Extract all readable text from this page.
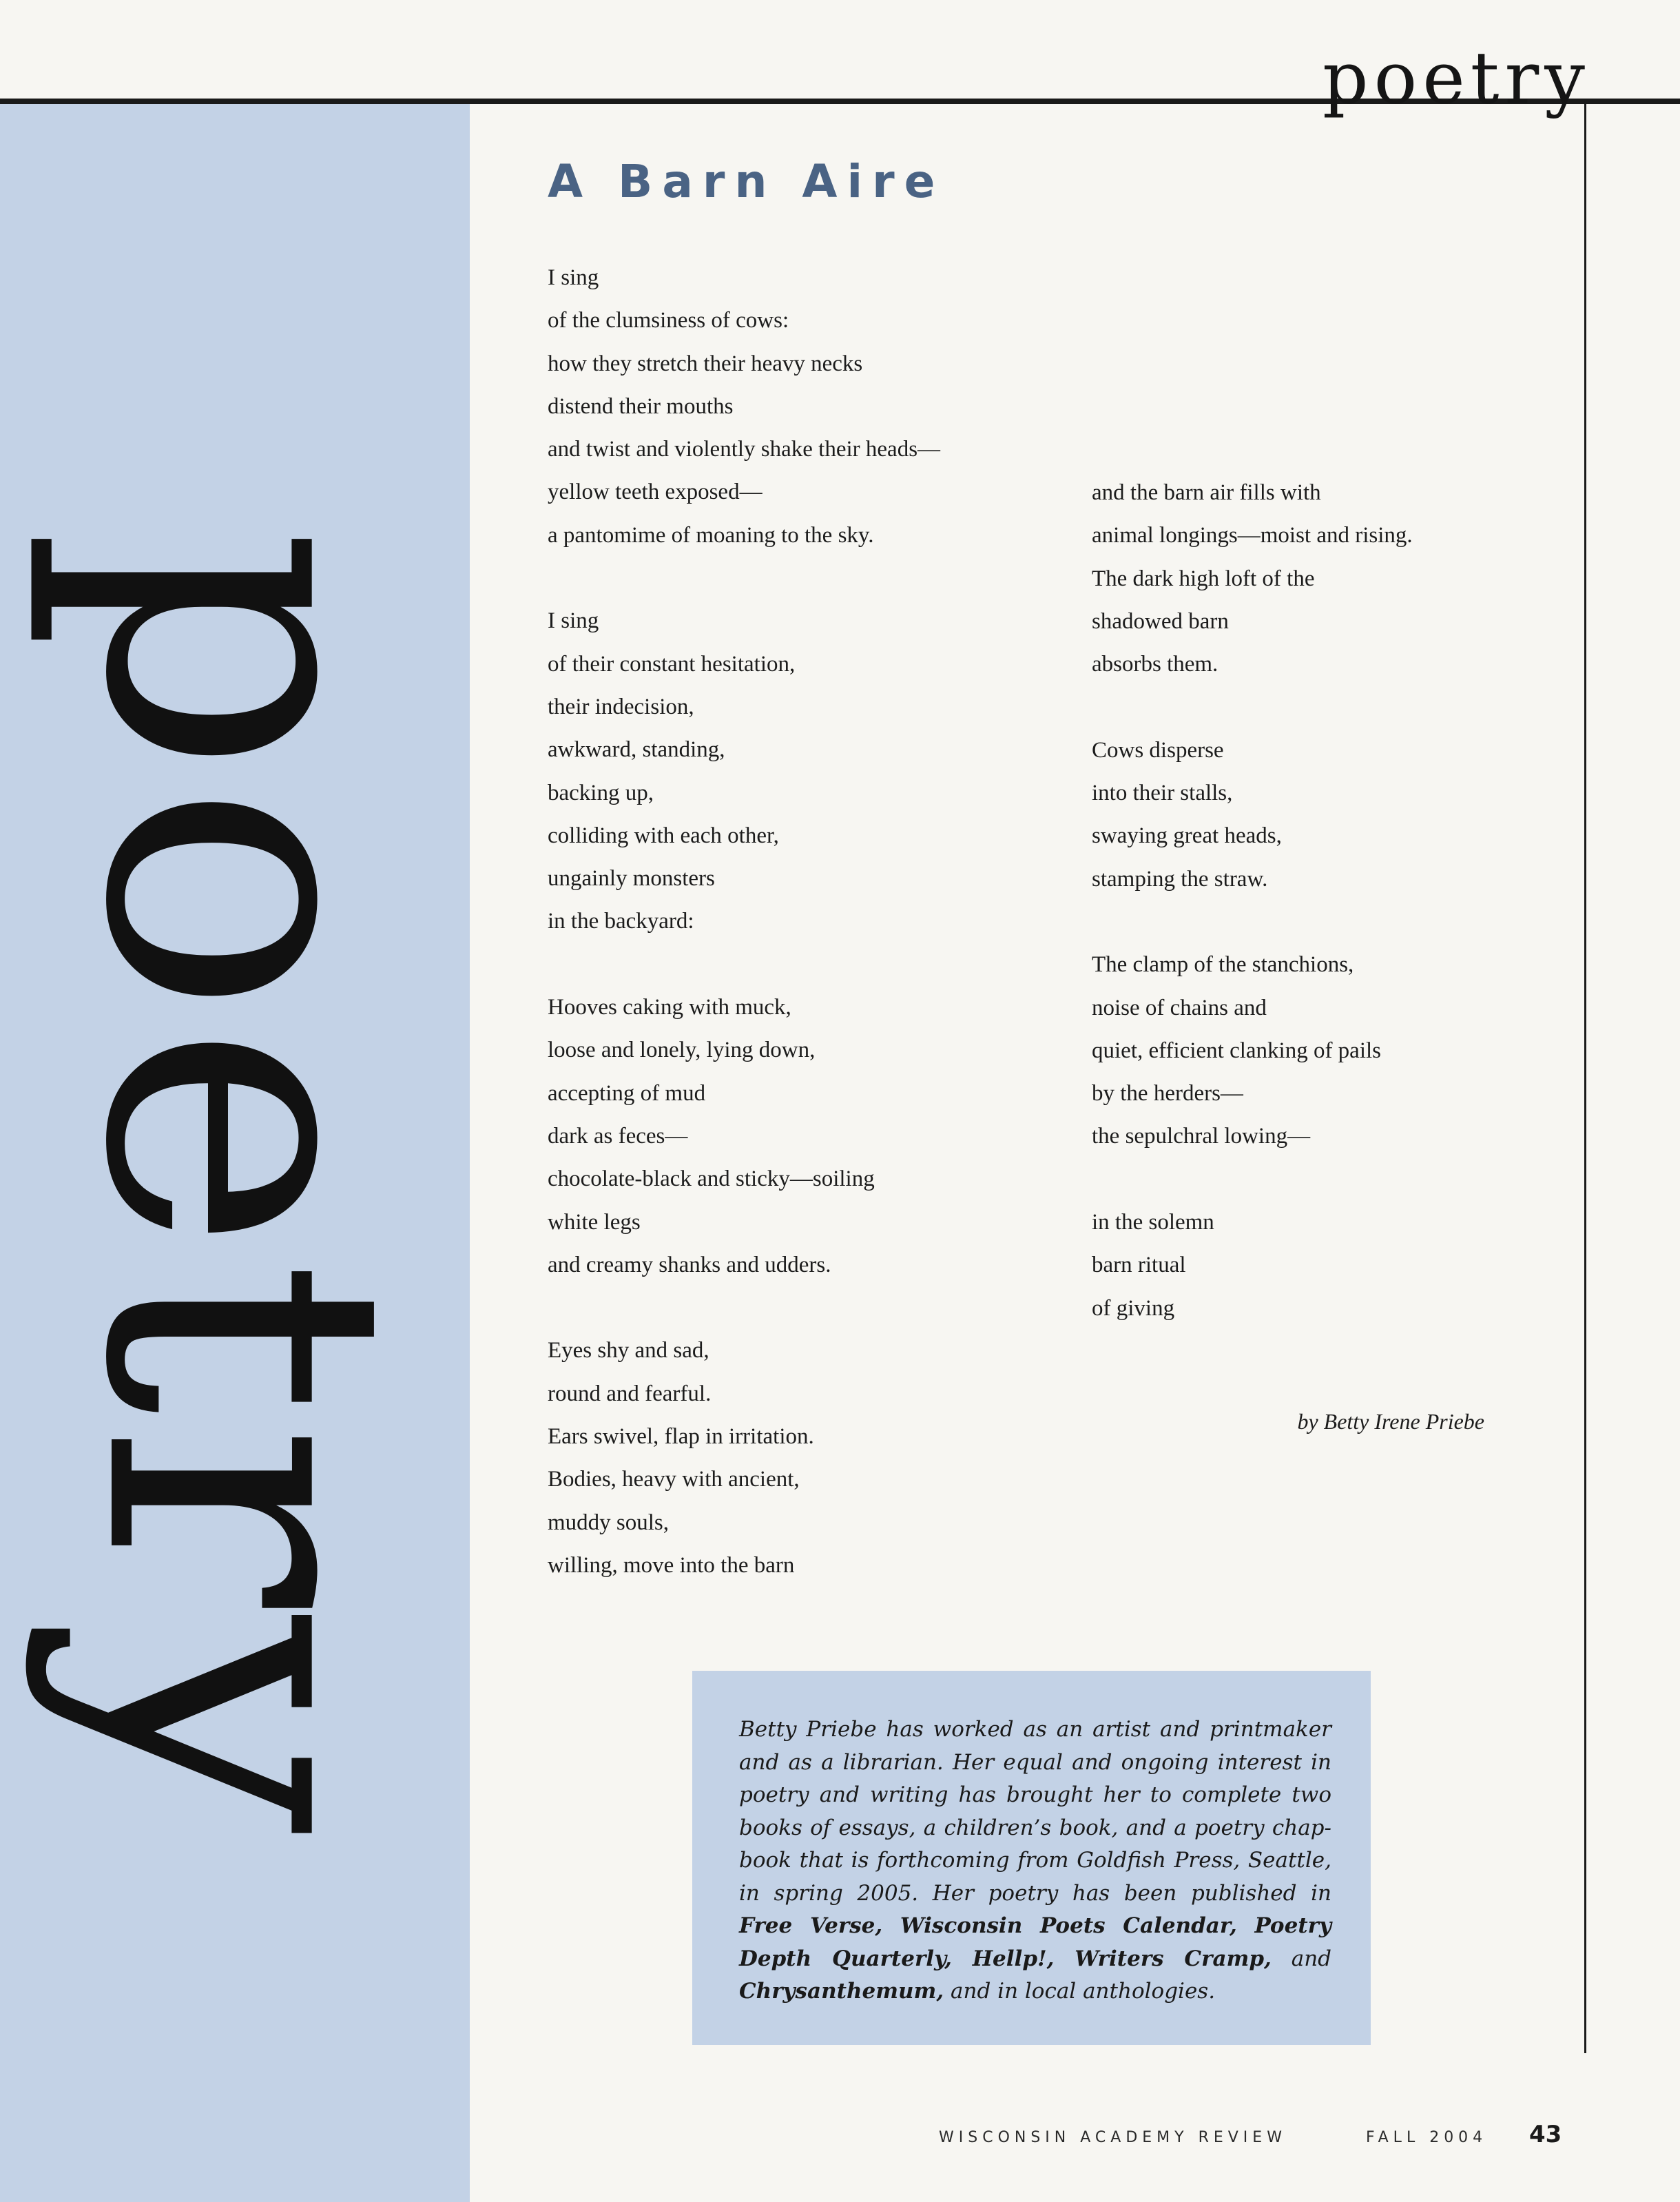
poetry
poetry
A Barn Aire
I sing
of the clumsiness of cows:
how they stretch their heavy necks
distend their mouths
and twist and violently shake their heads—
yellow teeth exposed—
a pantomime of moaning to the sky.
I sing
of their constant hesitation,
their indecision,
awkward, standing,
backing up,
colliding with each other,
ungainly monsters
in the backyard:
Hooves caking with muck,
loose and lonely, lying down,
accepting of mud
dark as feces—
chocolate-black and sticky—soiling
white legs
and creamy shanks and udders.
Eyes shy and sad,
round and fearful.
Ears swivel, flap in irritation.
Bodies, heavy with ancient,
muddy souls,
willing, move into the barn
and the barn air fills with
animal longings—moist and rising.
The dark high loft of the
shadowed barn
absorbs them.
Cows disperse
into their stalls,
swaying great heads,
stamping the straw.
The clamp of the stanchions,
noise of chains and
quiet, efficient clanking of pails
by the herders—
the sepulchral lowing—
in the solemn
barn ritual
of giving
by Betty Irene Priebe
Betty Priebe has worked as an artist and printmaker and as a librarian. Her equal and ongoing interest in poetry and writing has brought her to complete two books of essays, a children’s book, and a poetry chap-book that is forthcoming from Goldfish Press, Seattle, in spring 2005. Her poetry has been published in Free Verse, Wisconsin Poets Calendar, Poetry Depth Quarterly, Hellp!, Writers Cramp, and Chrysanthemum, and in local anthologies.
WISCONSIN ACADEMY REVIEW	FALL 2004 43
